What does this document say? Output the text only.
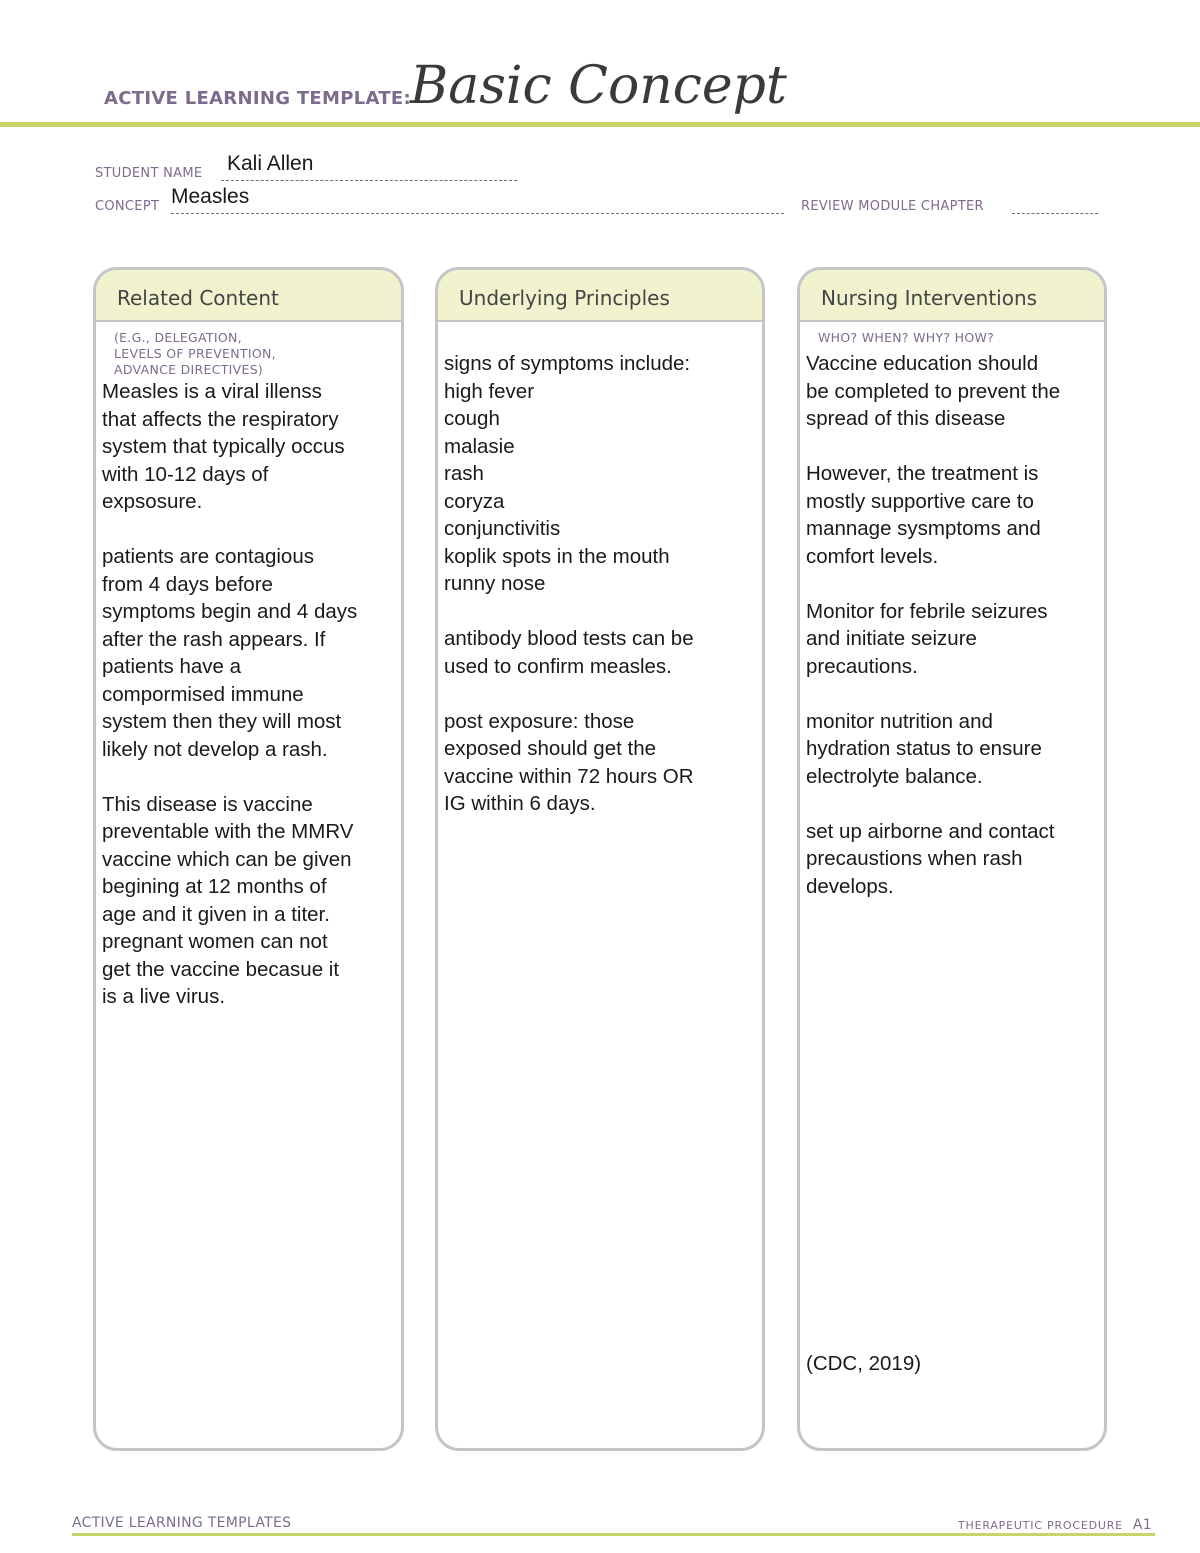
ACTIVE LEARNING TEMPLATE: Basic Concept
STUDENT NAME Kali Allen
CONCEPT Measles	REVIEW MODULE CHAPTER
Related Content
(E.G., DELEGATION,
LEVELS OF PREVENTION,
ADVANCE DIRECTIVES)
Measles is a viral illenss
that affects the respiratory
system that typically occus
with 10-12 days of
expsosure.

patients are contagious
from 4 days before
symptoms begin and 4 days
after the rash appears. If
patients have a
compormised immune
system then they will most
likely not develop a rash.

This disease is vaccine
preventable with the MMRV
vaccine which can be given
begining at 12 months of
age and it given in a titer.
pregnant women can not
get the vaccine becasue it
is a live virus.
Underlying Principles
signs of symptoms include:
high fever
cough
malasie
rash
coryza
conjunctivitis
koplik spots in the mouth
runny nose

antibody blood tests can be
used to confirm measles.

post exposure: those
exposed should get the
vaccine within 72 hours OR
IG within 6 days.
Nursing Interventions
WHO? WHEN? WHY? HOW?
Vaccine education should
be completed to prevent the
spread of this disease

However, the treatment is
mostly supportive care to
mannage sysmptoms and
comfort levels.

Monitor for febrile seizures
and initiate seizure
precautions.

monitor nutrition and
hydration status to ensure
electrolyte balance.

set up airborne and contact
precaustions when rash
develops.
(CDC, 2019)
ACTIVE LEARNING TEMPLATES	THERAPEUTIC PROCEDURE A1
